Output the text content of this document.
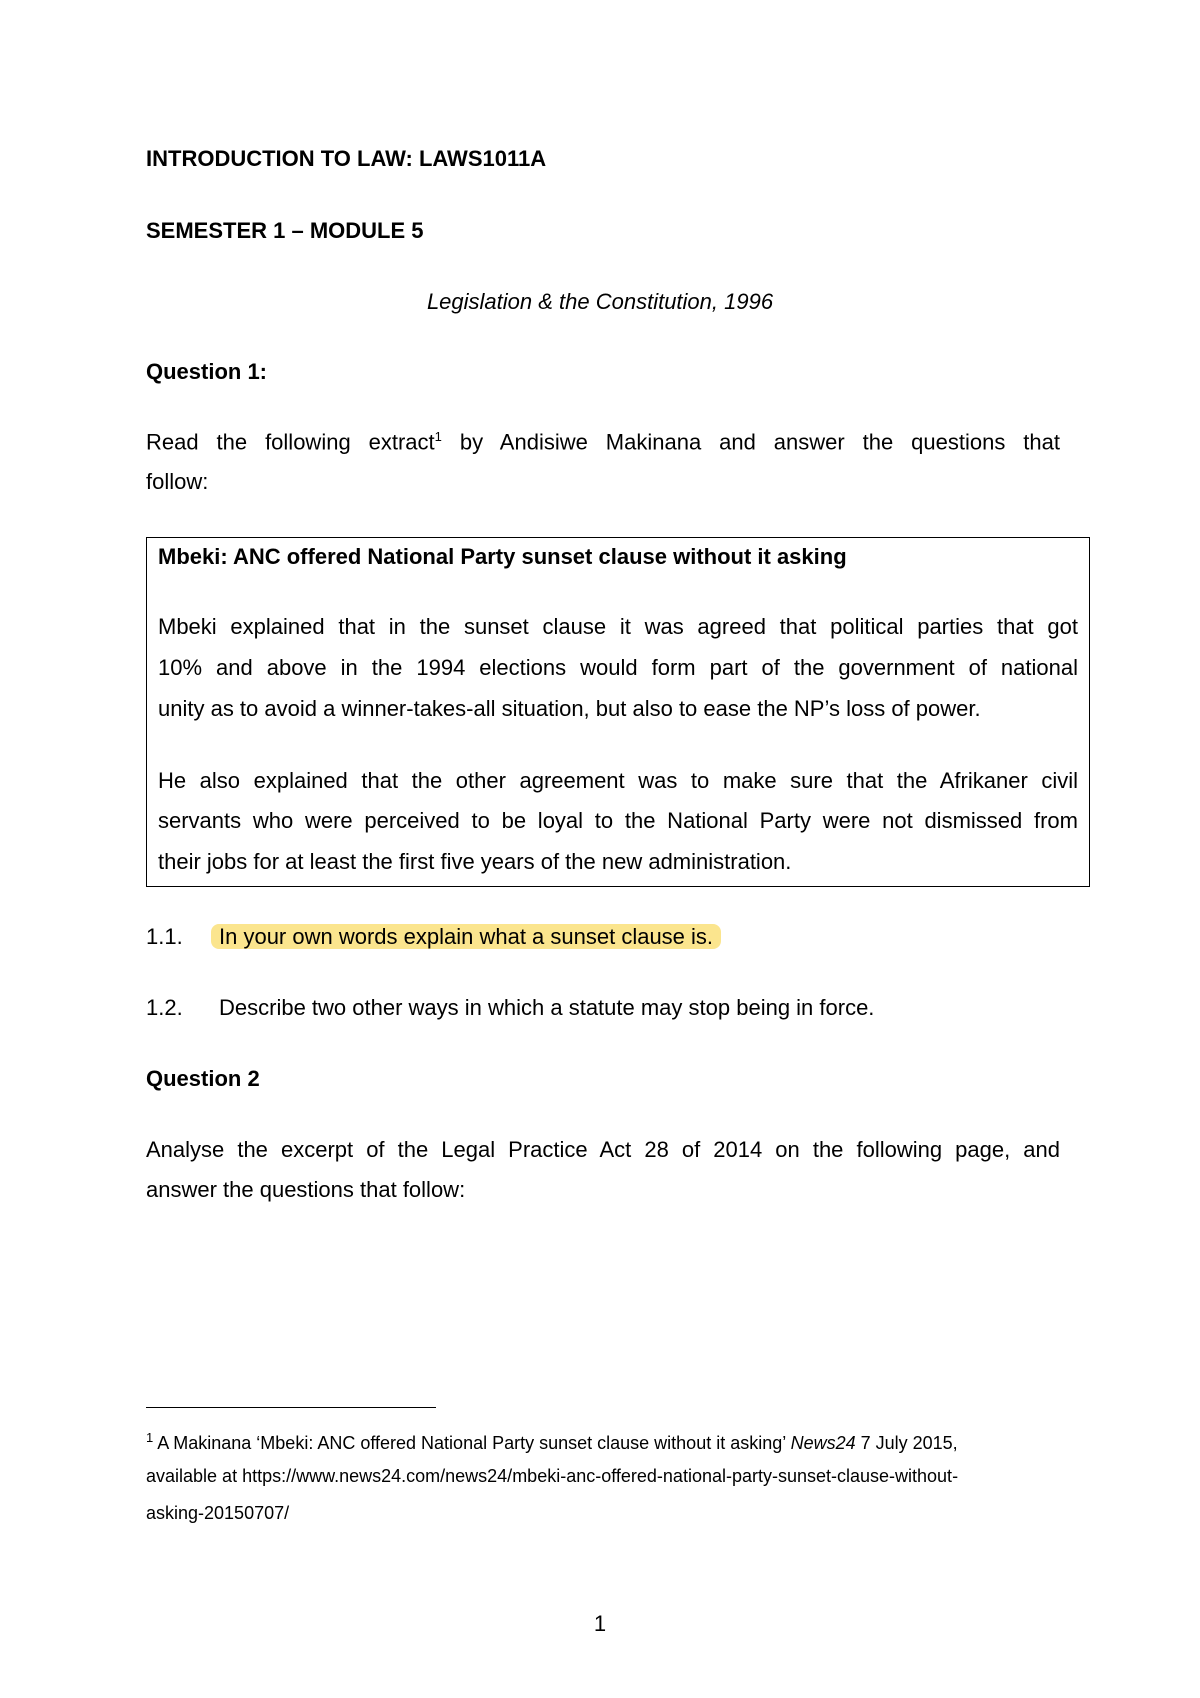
INTRODUCTION TO LAW: LAWS1011A
SEMESTER 1 – MODULE 5
Legislation & the Constitution, 1996
Question 1:
Read the following extract$^1$ by Andisiwe Makinana and answer the questions that
follow:
Mbeki: ANC offered National Party sunset clause without it asking
Mbeki explained that in the sunset clause it was agreed that political parties that got
10% and above in the 1994 elections would form part of the government of national
unity as to avoid a winner-takes-all situation, but also to ease the NP’s loss of power.
He also explained that the other agreement was to make sure that the Afrikaner civil
servants who were perceived to be loyal to the National Party were not dismissed from
their jobs for at least the first five years of the new administration.
1.1. In your own words explain what a sunset clause is.
1.2. Describe two other ways in which a statute may stop being in force.
Question 2
Analyse the excerpt of the Legal Practice Act 28 of 2014 on the following page, and
answer the questions that follow:
$^1$ A Makinana ‘Mbeki: ANC offered National Party sunset clause without it asking’ News24 7 July 2015,
available at https://www.news24.com/news24/mbeki-anc-offered-national-party-sunset-clause-without-
asking-20150707/
1
